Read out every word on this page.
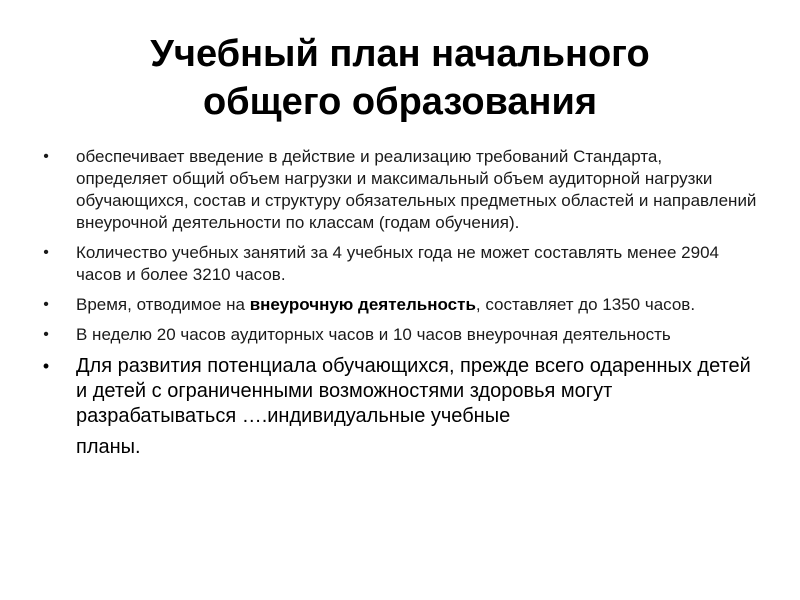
Учебный план начального
общего образования
•	обеспечивает введение в действие и реализацию требований Стандарта, определяет общий объем нагрузки и максимальный объем аудиторной нагрузки обучающихся, состав и структуру обязательных предметных областей и направлений внеурочной деятельности по классам (годам обучения).
•	Количество учебных занятий за 4 учебных года не может составлять менее 2904 часов и более 3210 часов.
•	Время, отводимое на внеурочную деятельность, составляет до 1350 часов.
•	В неделю 20 часов аудиторных часов и 10 часов внеурочная деятельность
• Для развития потенциала обучающихся, прежде всего одаренных детей и детей с ограниченными возможностями здоровья могут разрабатываться ….индивидуальные учебные
планы.
